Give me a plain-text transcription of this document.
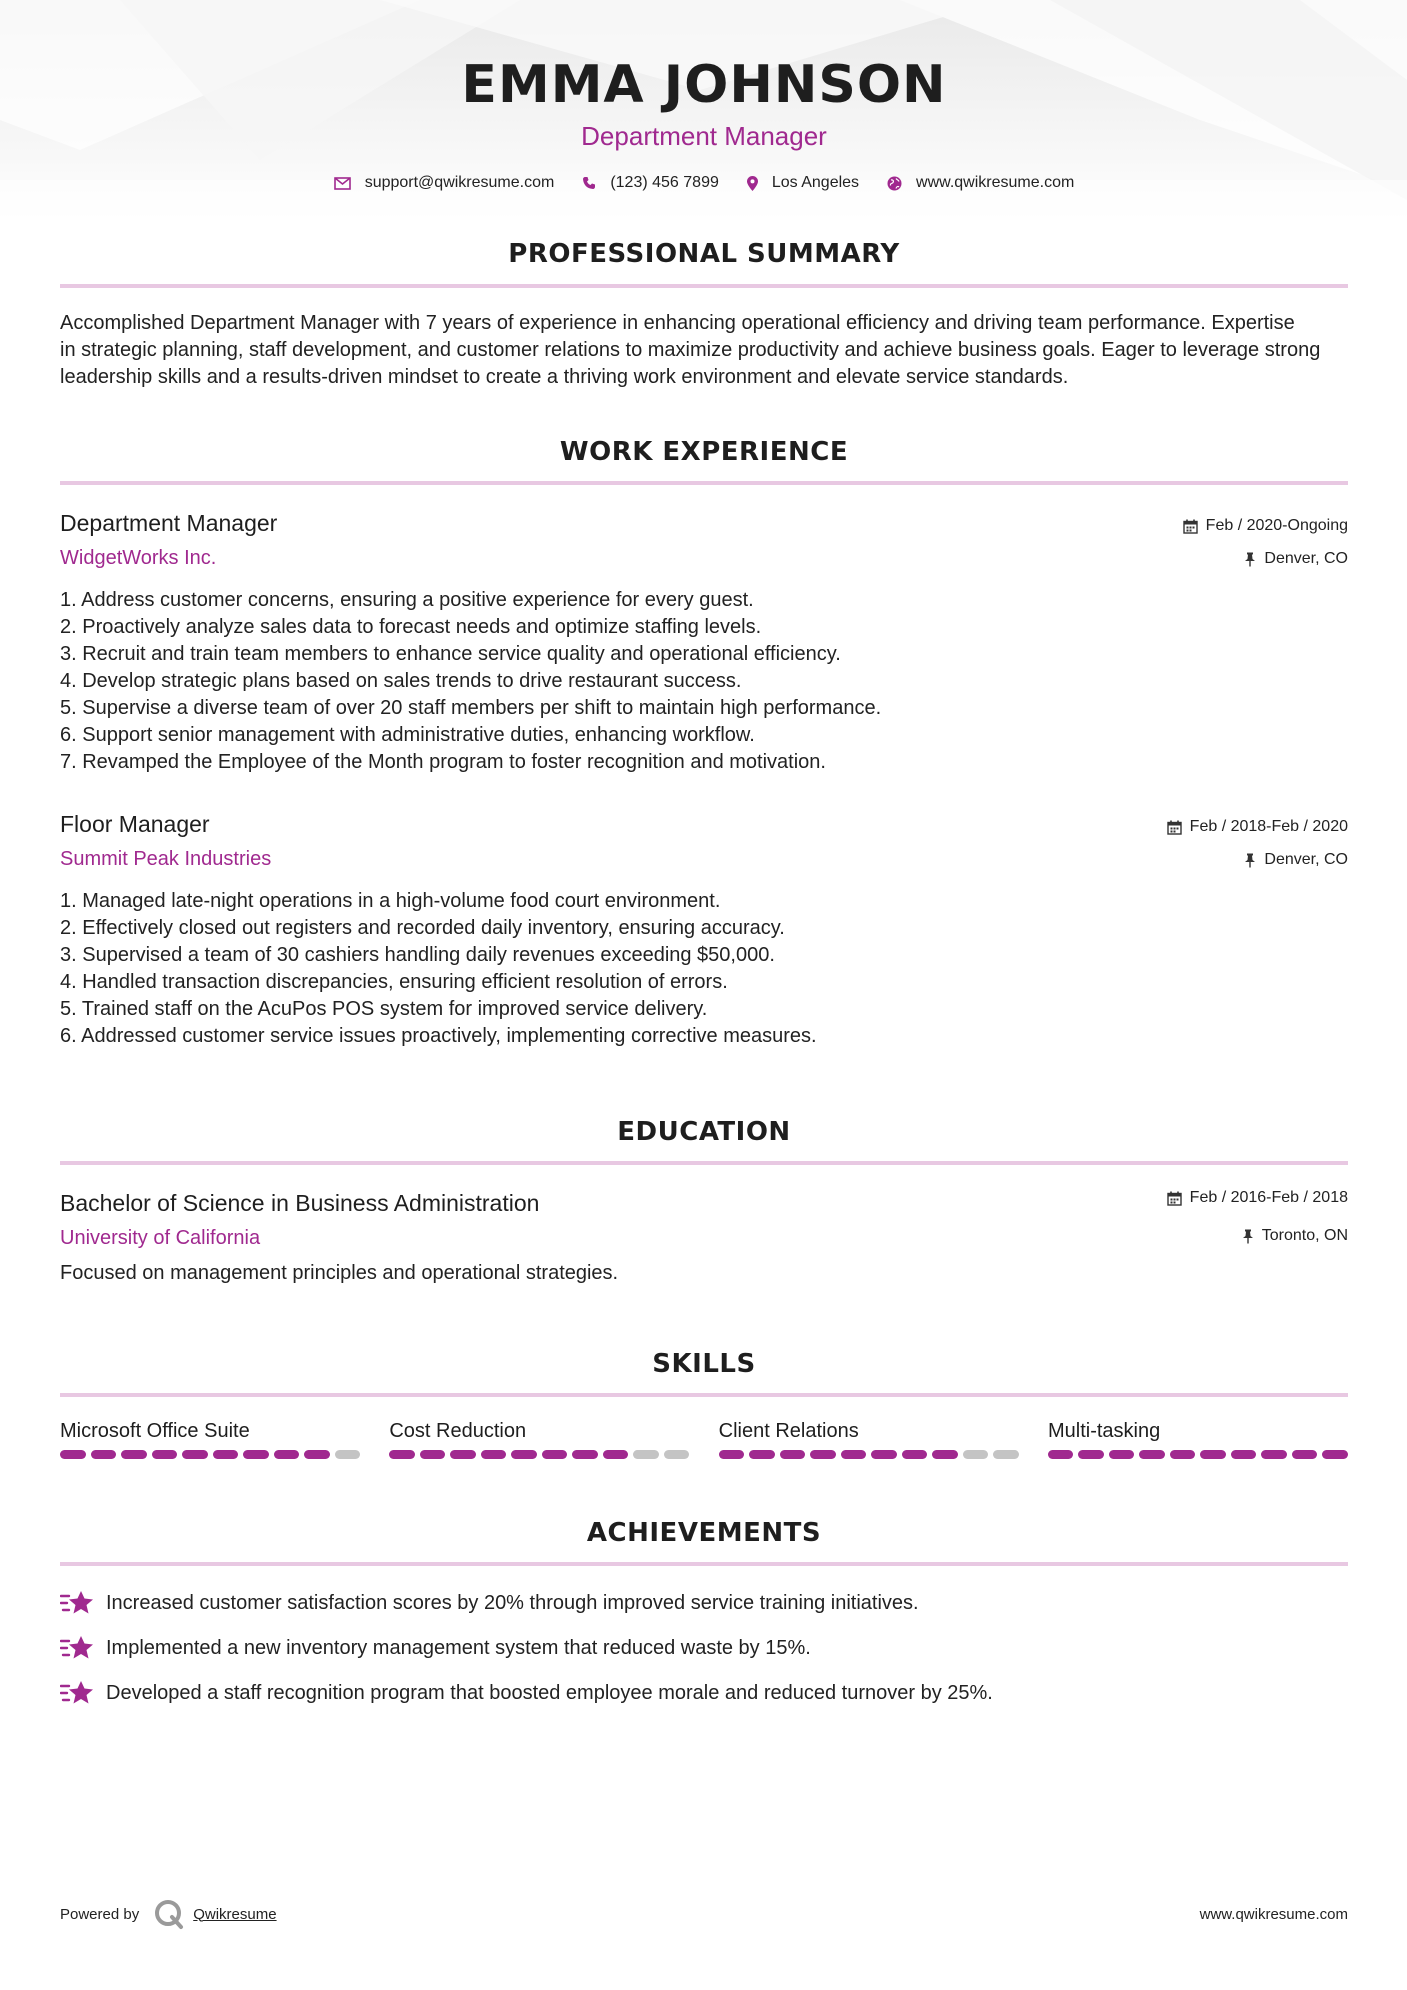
EMMA JOHNSON
Department Manager
support@qwikresume.com	(123) 456 7899	Los Angeles	www.qwikresume.com
PROFESSIONAL SUMMARY
Accomplished Department Manager with 7 years of experience in enhancing operational efficiency and driving team performance. Expertise
in strategic planning, staff development, and customer relations to maximize productivity and achieve business goals. Eager to leverage strong
leadership skills and a results-driven mindset to create a thriving work environment and elevate service standards.
WORK EXPERIENCE
Department Manager
WidgetWorks Inc.
Feb / 2020-Ongoing
Denver, CO
1. Address customer concerns, ensuring a positive experience for every guest.
2. Proactively analyze sales data to forecast needs and optimize staffing levels.
3. Recruit and train team members to enhance service quality and operational efficiency.
4. Develop strategic plans based on sales trends to drive restaurant success.
5. Supervise a diverse team of over 20 staff members per shift to maintain high performance.
6. Support senior management with administrative duties, enhancing workflow.
7. Revamped the Employee of the Month program to foster recognition and motivation.
Floor Manager
Summit Peak Industries
Feb / 2018-Feb / 2020
Denver, CO
1. Managed late-night operations in a high-volume food court environment.
2. Effectively closed out registers and recorded daily inventory, ensuring accuracy.
3. Supervised a team of 30 cashiers handling daily revenues exceeding $50,000.
4. Handled transaction discrepancies, ensuring efficient resolution of errors.
5. Trained staff on the AcuPos POS system for improved service delivery.
6. Addressed customer service issues proactively, implementing corrective measures.
EDUCATION
Bachelor of Science in Business Administration
University of California
Feb / 2016-Feb / 2018
Toronto, ON
Focused on management principles and operational strategies.
SKILLS
Microsoft Office Suite	Cost Reduction	Client Relations	Multi-tasking
ACHIEVEMENTS
Increased customer satisfaction scores by 20% through improved service training initiatives.
Implemented a new inventory management system that reduced waste by 15%.
Developed a staff recognition program that boosted employee morale and reduced turnover by 25%.
Powered by	Qwikresume	www.qwikresume.com
